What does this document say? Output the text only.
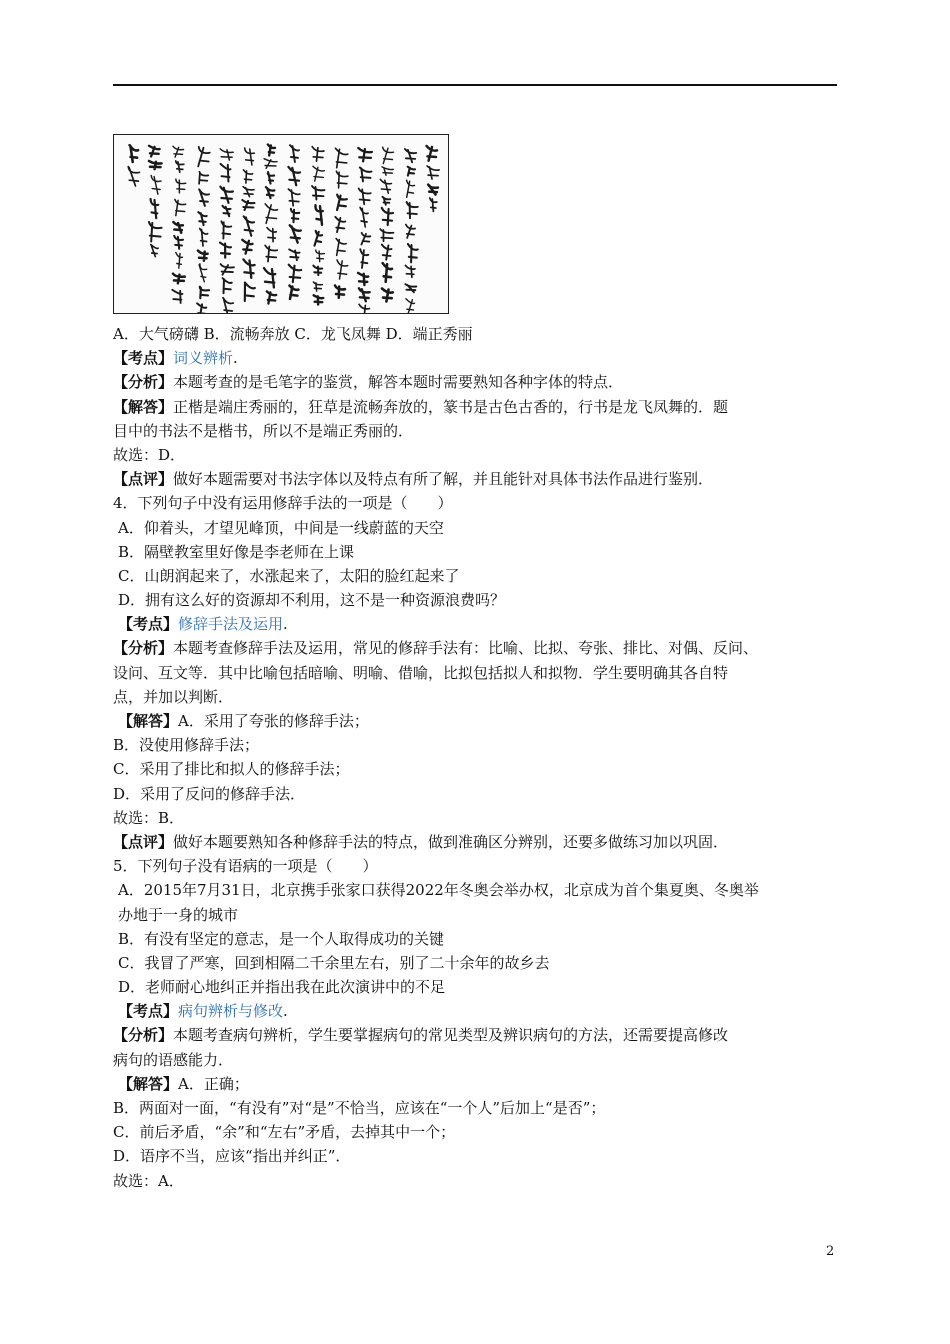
A．大气磅礴 B．流畅奔放 C．龙飞凤舞 D．端正秀丽
【考点】词义辨析.
【分析】本题考查的是毛笔字的鉴赏，解答本题时需要熟知各种字体的特点．
【解答】正楷是端庄秀丽的，狂草是流畅奔放的，篆书是古色古香的，行书是龙飞凤舞的．题
目中的书法不是楷书，所以不是端正秀丽的．
故选：D．
【点评】做好本题需要对书法字体以及特点有所了解，并且能针对具体书法作品进行鉴别．
4．下列句子中没有运用修辞手法的一项是（　　）
A．仰着头，才望见峰顶，中间是一线蔚蓝的天空
B．隔壁教室里好像是李老师在上课
C．山朗润起来了，水涨起来了，太阳的脸红起来了
D．拥有这么好的资源却不利用，这不是一种资源浪费吗？
【考点】修辞手法及运用.
【分析】本题考查修辞手法及运用，常见的修辞手法有：比喻、比拟、夸张、排比、对偶、反问、
设问、互文等．其中比喻包括暗喻、明喻、借喻，比拟包括拟人和拟物．学生要明确其各自特
点，并加以判断．
【解答】A．采用了夸张的修辞手法；
B．没使用修辞手法；
C．采用了排比和拟人的修辞手法；
D．采用了反问的修辞手法．
故选：B．
【点评】做好本题要熟知各种修辞手法的特点，做到准确区分辨别，还要多做练习加以巩固．
5．下列句子没有语病的一项是（　　）
A．2015年7月31日，北京携手张家口获得2022年冬奥会举办权，北京成为首个集夏奥、冬奥举
办地于一身的城市
B．有没有坚定的意志，是一个人取得成功的关键
C．我冒了严寒，回到相隔二千余里左右，别了二十余年的故乡去
D．老师耐心地纠正并指出我在此次演讲中的不足
【考点】病句辨析与修改.
【分析】本题考查病句辨析，学生要掌握病句的常见类型及辨识病句的方法，还需要提高修改
病句的语感能力．
【解答】A．正确；
B．两面对一面，“有没有”对“是”不恰当，应该在“一个人”后加上“是否”；
C．前后矛盾，“余”和“左右”矛盾，去掉其中一个；
D．语序不当，应该“指出并纠正”．
故选：A．
2
